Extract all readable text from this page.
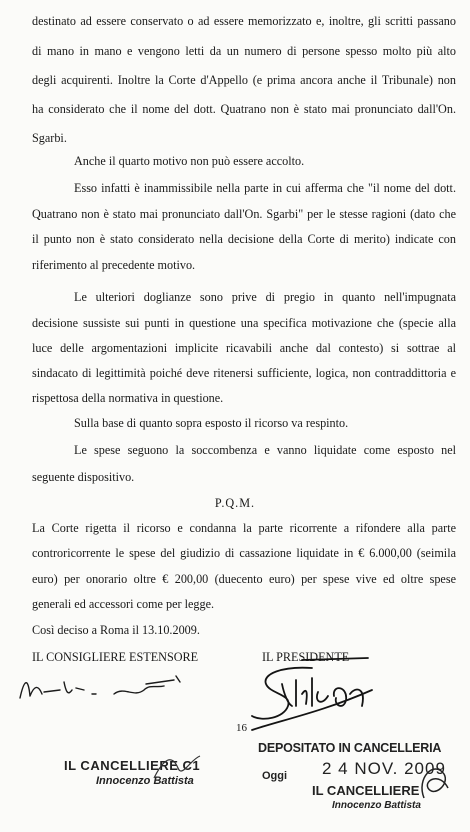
destinato ad essere conservato o ad essere memorizzato e, inoltre, gli scritti passano
di mano in mano e vengono letti da un numero di persone spesso molto più alto
degli acquirenti. Inoltre la Corte d'Appello (e prima ancora anche il Tribunale) non
ha considerato che il nome del dott. Quatrano non è stato mai pronunciato dall'On.
Sgarbi.
Anche il quarto motivo non può essere accolto.
Esso infatti è inammissibile nella parte in cui afferma che "il nome del dott.
Quatrano non è stato mai pronunciato dall'On. Sgarbi" per le stesse ragioni (dato che
il punto non è stato considerato nella decisione della Corte di merito) indicate con
riferimento al precedente motivo.
Le ulteriori doglianze sono prive di pregio in quanto nell'impugnata
decisione sussiste sui punti in questione una specifica motivazione che (specie alla
luce delle argomentazioni implicite ricavabili anche dal contesto) si sottrae al
sindacato di legittimità poiché deve ritenersi sufficiente, logica, non contraddittoria e
rispettosa della normativa in questione.
Sulla base di quanto sopra esposto il ricorso va respinto.
Le spese seguono la soccombenza e vanno liquidate come esposto nel
seguente dispositivo.
P.Q.M.
La Corte rigetta il ricorso e condanna la parte ricorrente a rifondere alla parte
controricorrente le spese del giudizio di cassazione liquidate in € 6.000,00 (seimila
euro) per onorario oltre € 200,00 (duecento euro) per spese vive ed oltre spese
generali ed accessori come per legge.
Così deciso a Roma il 13.10.2009.
IL CONSIGLIERE ESTENSORE	IL PRESIDENTE
16
IL CANCELLIERE C1
Innocenzo Battista
DEPOSITATO IN CANCELLERIA
Oggi 2 4 NOV. 2009
IL CANCELLIERE
Innocenzo Battista
